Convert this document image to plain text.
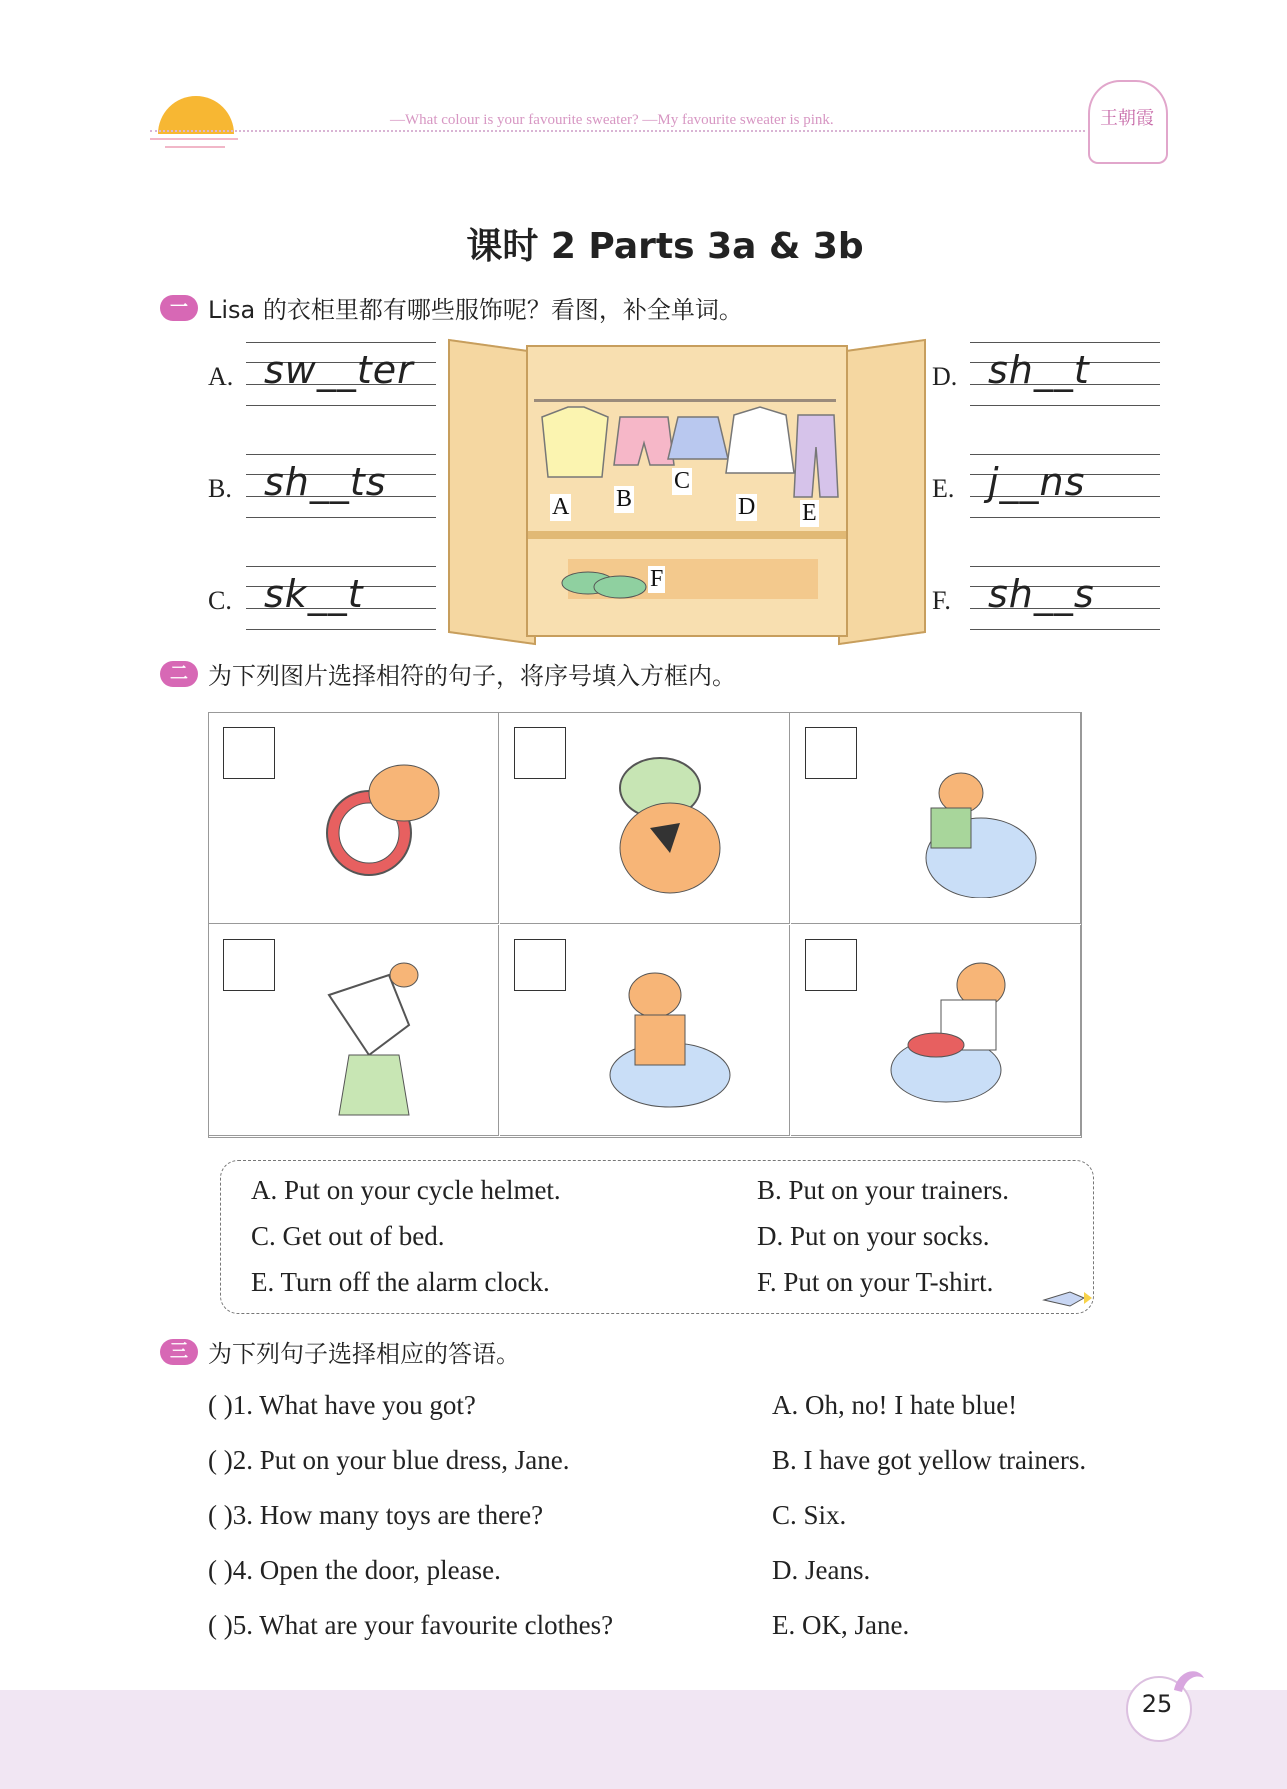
—What colour is your favourite sweater? —My favourite sweater is pink.	王朝霞
课时 2 Parts 3a & 3b
一 Lisa 的衣柜里都有哪些服饰呢？看图，补全单词。
A. sw__ter
B. sh__ts
C. sk__t
D. sh__t
E. j__ns
F. sh__s
A B
C
D E
F
二 为下列图片选择相符的句子，将序号填入方框内。
A. Put on your cycle helmet.	B. Put on your trainers.
C. Get out of bed.	D. Put on your socks.
E. Turn off the alarm clock.	F. Put on your T-shirt.
三 为下列句子选择相应的答语。
( )1. What have you got?
( )2. Put on your blue dress, Jane.
( )3. How many toys are there?
( )4. Open the door, please.
( )5. What are your favourite clothes?
A. Oh, no! I hate blue!
B. I have got yellow trainers.
C. Six.
D. Jeans.
E. OK, Jane.
25
